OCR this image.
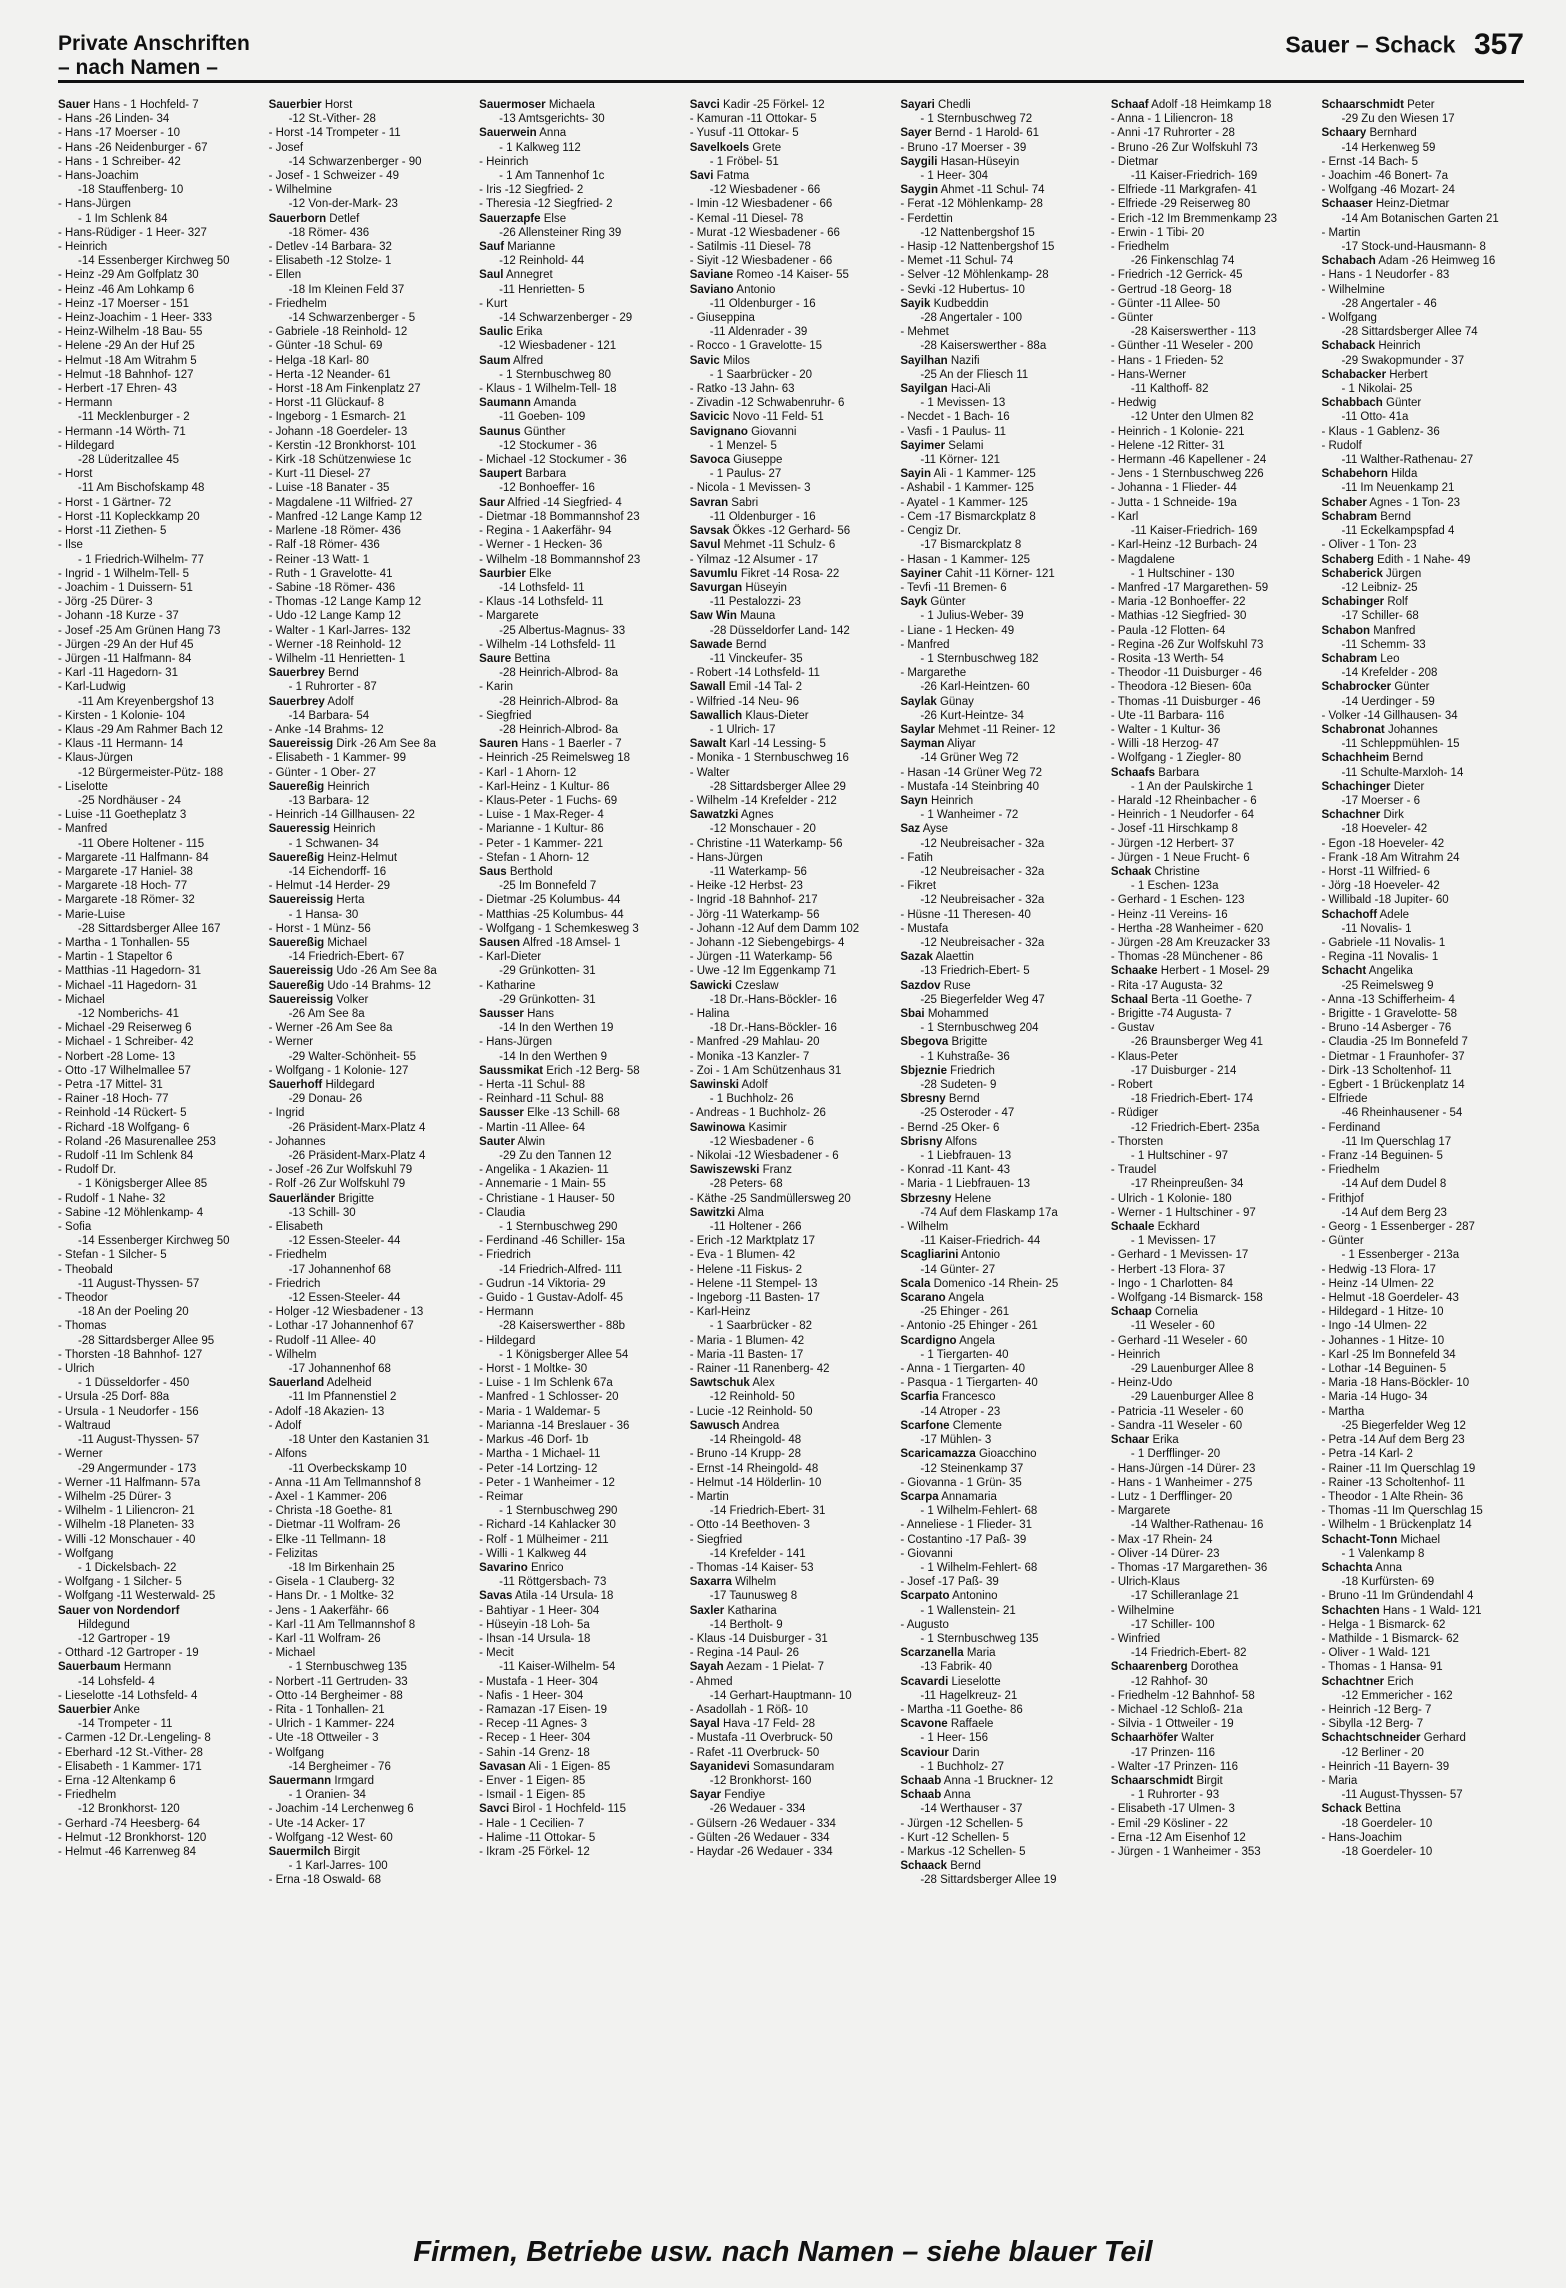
Private Anschriften
– nach Namen –
Sauer – Schack 357
Sauer Hans - 1 Hochfeld- 7
- Hans -26 Linden- 34
- Hans -17 Moerser - 10
- Hans -26 Neidenburger - 67
- Hans - 1 Schreiber- 42
- Hans-Joachim
-18 Stauffenberg- 10
- Hans-Jürgen
- 1 Im Schlenk 84
- Hans-Rüdiger - 1 Heer- 327
- Heinrich
-14 Essenberger Kirchweg 50
- Heinz -29 Am Golfplatz 30
- Heinz -46 Am Lohkamp 6
- Heinz -17 Moerser - 151
- Heinz-Joachim - 1 Heer- 333
- Heinz-Wilhelm -18 Bau- 55
- Helene -29 An der Huf 25
- Helmut -18 Am Witrahm 5
- Helmut -18 Bahnhof- 127
- Herbert -17 Ehren- 43
- Hermann
-11 Mecklenburger - 2
- Hermann -14 Wörth- 71
- Hildegard
-28 Lüderitzallee 45
- Horst
-11 Am Bischofskamp 48
- Horst - 1 Gärtner- 72
- Horst -11 Kopleckkamp 20
- Horst -11 Ziethen- 5
- Ilse
- 1 Friedrich-Wilhelm- 77
- Ingrid - 1 Wilhelm-Tell- 5
- Joachim - 1 Duissern- 51
- Jörg -25 Dürer- 3
- Johann -18 Kurze - 37
- Josef -25 Am Grünen Hang 73
- Jürgen -29 An der Huf 45
- Jürgen -11 Halfmann- 84
- Karl -11 Hagedorn- 31
- Karl-Ludwig
-11 Am Kreyenbergshof 13
- Kirsten - 1 Kolonie- 104
- Klaus -29 Am Rahmer Bach 12
- Klaus -11 Hermann- 14
- Klaus-Jürgen
-12 Bürgermeister-Pütz- 188
- Liselotte
-25 Nordhäuser - 24
- Luise -11 Goetheplatz 3
- Manfred
-11 Obere Holtener - 115
- Margarete -11 Halfmann- 84
- Margarete -17 Haniel- 38
- Margarete -18 Hoch- 77
- Margarete -18 Römer- 32
- Marie-Luise
-28 Sittardsberger Allee 167
- Martha - 1 Tonhallen- 55
- Martin - 1 Stapeltor 6
- Matthias -11 Hagedorn- 31
- Michael -11 Hagedorn- 31
- Michael
-12 Nomberichs- 41
- Michael -29 Reiserweg 6
- Michael - 1 Schreiber- 42
- Norbert -28 Lome- 13
- Otto -17 Wilhelmallee 57
- Petra -17 Mittel- 31
- Rainer -18 Hoch- 77
- Reinhold -14 Rückert- 5
- Richard -18 Wolfgang- 6
- Roland -26 Masurenallee 253
- Rudolf -11 Im Schlenk 84
- Rudolf Dr.
- 1 Königsberger Allee 85
- Rudolf - 1 Nahe- 32
- Sabine -12 Möhlenkamp- 4
- Sofia
-14 Essenberger Kirchweg 50
- Stefan - 1 Silcher- 5
- Theobald
-11 August-Thyssen- 57
- Theodor
-18 An der Poeling 20
- Thomas
-28 Sittardsberger Allee 95
- Thorsten -18 Bahnhof- 127
- Ulrich
- 1 Düsseldorfer - 450
- Ursula -25 Dorf- 88a
- Ursula - 1 Neudorfer - 156
- Waltraud
-11 August-Thyssen- 57
- Werner
-29 Angermunder - 173
- Werner -11 Halfmann- 57a
- Wilhelm -25 Dürer- 3
- Wilhelm - 1 Liliencron- 21
- Wilhelm -18 Planeten- 33
- Willi -12 Monschauer - 40
- Wolfgang
- 1 Dickelsbach- 22
- Wolfgang - 1 Silcher- 5
- Wolfgang -11 Westerwald- 25
Sauer von Nordendorf
Hildegund
-12 Gartroper - 19
- Otthard -12 Gartroper - 19
Sauerbaum Hermann
-14 Lohsfeld- 4
- Lieselotte -14 Lothsfeld- 4
Sauerbier Anke
-14 Trompeter - 11
- Carmen -12 Dr.-Lengeling- 8
- Eberhard -12 St.-Vither- 28
- Elisabeth - 1 Kammer- 171
- Erna -12 Altenkamp 6
- Friedhelm
-12 Bronkhorst- 120
- Gerhard -74 Heesberg- 64
- Helmut -12 Bronkhorst- 120
- Helmut -46 Karrenweg 84
Sauerbier Horst
-12 St.-Vither- 28
- Horst -14 Trompeter - 11
- Josef
-14 Schwarzenberger - 90
- Josef - 1 Schweizer - 49
- Wilhelmine
-12 Von-der-Mark- 23
Sauerborn Detlef
-18 Römer- 436
- Detlev -14 Barbara- 32
- Elisabeth -12 Stolze- 1
- Ellen
-18 Im Kleinen Feld 37
- Friedhelm
-14 Schwarzenberger - 5
- Gabriele -18 Reinhold- 12
- Günter -18 Schul- 69
- Helga -18 Karl- 80
- Herta -12 Neander- 61
- Horst -18 Am Finkenplatz 27
- Horst -11 Glückauf- 8
- Ingeborg - 1 Esmarch- 21
- Johann -18 Goerdeler- 13
- Kerstin -12 Bronkhorst- 101
- Kirk -18 Schützenwiese 1c
- Kurt -11 Diesel- 27
- Luise -18 Banater - 35
- Magdalene -11 Wilfried- 27
- Manfred -12 Lange Kamp 12
- Marlene -18 Römer- 436
- Ralf -18 Römer- 436
- Reiner -13 Watt- 1
- Ruth - 1 Gravelotte- 41
- Sabine -18 Römer- 436
- Thomas -12 Lange Kamp 12
- Udo -12 Lange Kamp 12
- Walter - 1 Karl-Jarres- 132
- Werner -18 Reinhold- 12
- Wilhelm -11 Henrietten- 1
Sauerbrey Bernd
- 1 Ruhrorter - 87
Sauerbrey Adolf
-14 Barbara- 54
- Anke -14 Brahms- 12
Sauereissig Dirk -26 Am See 8a
- Elisabeth - 1 Kammer- 99
- Günter - 1 Ober- 27
Sauereßig Heinrich
-13 Barbara- 12
- Heinrich -14 Gillhausen- 22
Saueressig Heinrich
- 1 Schwanen- 34
Sauereßig Heinz-Helmut
-14 Eichendorff- 16
- Helmut -14 Herder- 29
Sauereissig Herta
- 1 Hansa- 30
- Horst - 1 Münz- 56
Sauereßig Michael
-14 Friedrich-Ebert- 67
Sauereissig Udo -26 Am See 8a
Sauereßig Udo -14 Brahms- 12
Sauereissig Volker
-26 Am See 8a
- Werner -26 Am See 8a
- Werner
-29 Walter-Schönheit- 55
- Wolfgang - 1 Kolonie- 127
Sauerhoff Hildegard
-29 Donau- 26
- Ingrid
-26 Präsident-Marx-Platz 4
- Johannes
-26 Präsident-Marx-Platz 4
- Josef -26 Zur Wolfskuhl 79
- Rolf -26 Zur Wolfskuhl 79
Sauerländer Brigitte
-13 Schill- 30
- Elisabeth
-12 Essen-Steeler- 44
- Friedhelm
-17 Johannenhof 68
- Friedrich
-12 Essen-Steeler- 44
- Holger -12 Wiesbadener - 13
- Lothar -17 Johannenhof 67
- Rudolf -11 Allee- 40
- Wilhelm
-17 Johannenhof 68
Sauerland Adelheid
-11 Im Pfannenstiel 2
- Adolf -18 Akazien- 13
- Adolf
-18 Unter den Kastanien 31
- Alfons
-11 Overbeckskamp 10
- Anna -11 Am Tellmannshof 8
- Axel - 1 Kammer- 206
- Christa -18 Goethe- 81
- Dietmar -11 Wolfram- 26
- Elke -11 Tellmann- 18
- Felizitas
-18 Im Birkenhain 25
- Gisela - 1 Clauberg- 32
- Hans Dr. - 1 Moltke- 32
- Jens - 1 Aakerfähr- 66
- Karl -11 Am Tellmannshof 8
- Karl -11 Wolfram- 26
- Michael
- 1 Sternbuschweg 135
- Norbert -11 Gertruden- 33
- Otto -14 Bergheimer - 88
- Rita - 1 Tonhallen- 21
- Ulrich - 1 Kammer- 224
- Ute -18 Ottweiler - 3
- Wolfgang
-14 Bergheimer - 76
Sauermann Irmgard
- 1 Oranien- 34
- Joachim -14 Lerchenweg 6
- Ute -14 Acker- 17
- Wolfgang -12 West- 60
Sauermilch Birgit
- 1 Karl-Jarres- 100
- Erna -18 Oswald- 68
Sauermoser Michaela
-13 Amtsgerichts- 30
Sauerwein Anna
- 1 Kalkweg 112
- Heinrich
- 1 Am Tannenhof 1c
- Iris -12 Siegfried- 2
- Theresia -12 Siegfried- 2
Sauerzapfe Else
-26 Allensteiner Ring 39
Sauf Marianne
-12 Reinhold- 44
Saul Annegret
-11 Henrietten- 5
- Kurt
-14 Schwarzenberger - 29
Saulic Erika
-12 Wiesbadener - 121
Saum Alfred
- 1 Sternbuschweg 80
- Klaus - 1 Wilhelm-Tell- 18
Saumann Amanda
-11 Goeben- 109
Saunus Günther
-12 Stockumer - 36
- Michael -12 Stockumer - 36
Saupert Barbara
-12 Bonhoeffer- 16
Saur Alfried -14 Siegfried- 4
- Dietmar -18 Bommannshof 23
- Regina - 1 Aakerfähr- 94
- Werner - 1 Hecken- 36
- Wilhelm -18 Bommannshof 23
Saurbier Elke
-14 Lothsfeld- 11
- Klaus -14 Lothsfeld- 11
- Margarete
-25 Albertus-Magnus- 33
- Wilhelm -14 Lothsfeld- 11
Saure Bettina
-28 Heinrich-Albrod- 8a
- Karin
-28 Heinrich-Albrod- 8a
- Siegfried
-28 Heinrich-Albrod- 8a
Sauren Hans - 1 Baerler - 7
- Heinrich -25 Reimelsweg 18
- Karl - 1 Ahorn- 12
- Karl-Heinz - 1 Kultur- 86
- Klaus-Peter - 1 Fuchs- 69
- Luise - 1 Max-Reger- 4
- Marianne - 1 Kultur- 86
- Peter - 1 Kammer- 221
- Stefan - 1 Ahorn- 12
Saus Berthold
-25 Im Bonnefeld 7
- Dietmar -25 Kolumbus- 44
- Matthias -25 Kolumbus- 44
- Wolfgang - 1 Schemkesweg 3
Sausen Alfred -18 Amsel- 1
- Karl-Dieter
-29 Grünkotten- 31
- Katharine
-29 Grünkotten- 31
Sausser Hans
-14 In den Werthen 19
- Hans-Jürgen
-14 In den Werthen 9
Saussmikat Erich -12 Berg- 58
- Herta -11 Schul- 88
- Reinhard -11 Schul- 88
Sausser Elke -13 Schill- 68
- Martin -11 Allee- 64
Sauter Alwin
-29 Zu den Tannen 12
- Angelika - 1 Akazien- 11
- Annemarie - 1 Main- 55
- Christiane - 1 Hauser- 50
- Claudia
- 1 Sternbuschweg 290
- Ferdinand -46 Schiller- 15a
- Friedrich
-14 Friedrich-Alfred- 111
- Gudrun -14 Viktoria- 29
- Guido - 1 Gustav-Adolf- 45
- Hermann
-28 Kaiserswerther - 88b
- Hildegard
- 1 Königsberger Allee 54
- Horst - 1 Moltke- 30
- Luise - 1 Im Schlenk 67a
- Manfred - 1 Schlosser- 20
- Maria - 1 Waldemar- 5
- Marianna -14 Breslauer - 36
- Markus -46 Dorf- 1b
- Martha - 1 Michael- 11
- Peter -14 Lortzing- 12
- Peter - 1 Wanheimer - 12
- Reimar
- 1 Sternbuschweg 290
- Richard -14 Kahlacker 30
- Rolf - 1 Mülheimer - 211
- Willi - 1 Kalkweg 44
Savarino Enrico
-11 Röttgersbach- 73
Savas Atila -14 Ursula- 18
- Bahtiyar - 1 Heer- 304
- Hüseyin -18 Loh- 5a
- Ihsan -14 Ursula- 18
- Mecit
-11 Kaiser-Wilhelm- 54
- Mustafa - 1 Heer- 304
- Nafis - 1 Heer- 304
- Ramazan -17 Eisen- 19
- Recep -11 Agnes- 3
- Recep - 1 Heer- 304
- Sahin -14 Grenz- 18
Savasan Ali - 1 Eigen- 85
- Enver - 1 Eigen- 85
- Ismail - 1 Eigen- 85
Savci Birol - 1 Hochfeld- 115
- Hale - 1 Cecilien- 7
- Halime -11 Ottokar- 5
- Ikram -25 Förkel- 12
Savci Kadir -25 Förkel- 12
- Kamuran -11 Ottokar- 5
- Yusuf -11 Ottokar- 5
Savelkoels Grete
- 1 Fröbel- 51
Savi Fatma
-12 Wiesbadener - 66
- Imin -12 Wiesbadener - 66
- Kemal -11 Diesel- 78
- Murat -12 Wiesbadener - 66
- Satilmis -11 Diesel- 78
- Siyit -12 Wiesbadener - 66
Saviane Romeo -14 Kaiser- 55
Saviano Antonio
-11 Oldenburger - 16
- Giuseppina
-11 Aldenrader - 39
- Rocco - 1 Gravelotte- 15
Savic Milos
- 1 Saarbrücker - 20
- Ratko -13 Jahn- 63
- Zivadin -12 Schwabenruhr- 6
Savicic Novo -11 Feld- 51
Savignano Giovanni
- 1 Menzel- 5
Savoca Giuseppe
- 1 Paulus- 27
- Nicola - 1 Mevissen- 3
Savran Sabri
-11 Oldenburger - 16
Savsak Ökkes -12 Gerhard- 56
Savul Mehmet -11 Schulz- 6
- Yilmaz -12 Alsumer - 17
Savumlu Fikret -14 Rosa- 22
Savurgan Hüseyin
-11 Pestalozzi- 23
Saw Win Mauna
-28 Düsseldorfer Land- 142
Sawade Bernd
-11 Vinckeufer- 35
- Robert -14 Lothsfeld- 11
Sawall Emil -14 Tal- 2
- Wilfried -14 Neu- 96
Sawallich Klaus-Dieter
- 1 Ulrich- 17
Sawalt Karl -14 Lessing- 5
- Monika - 1 Sternbuschweg 16
- Walter
-28 Sittardsberger Allee 29
- Wilhelm -14 Krefelder - 212
Sawatzki Agnes
-12 Monschauer - 20
- Christine -11 Waterkamp- 56
- Hans-Jürgen
-11 Waterkamp- 56
- Heike -12 Herbst- 23
- Ingrid -18 Bahnhof- 217
- Jörg -11 Waterkamp- 56
- Johann -12 Auf dem Damm 102
- Johann -12 Siebengebirgs- 4
- Jürgen -11 Waterkamp- 56
- Uwe -12 Im Eggenkamp 71
Sawicki Czeslaw
-18 Dr.-Hans-Böckler- 16
- Halina
-18 Dr.-Hans-Böckler- 16
- Manfred -29 Mahlau- 20
- Monika -13 Kanzler- 7
- Zoi - 1 Am Schützenhaus 31
Sawinski Adolf
- 1 Buchholz- 26
- Andreas - 1 Buchholz- 26
Sawinowa Kasimir
-12 Wiesbadener - 6
- Nikolai -12 Wiesbadener - 6
Sawiszewski Franz
-28 Peters- 68
- Käthe -25 Sandmüllersweg 20
Sawitzki Alma
-11 Holtener - 266
- Erich -12 Marktplatz 17
- Eva - 1 Blumen- 42
- Helene -11 Fiskus- 2
- Helene -11 Stempel- 13
- Ingeborg -11 Basten- 17
- Karl-Heinz
- 1 Saarbrücker - 82
- Maria - 1 Blumen- 42
- Maria -11 Basten- 17
- Rainer -11 Ranenberg- 42
Sawtschuk Alex
-12 Reinhold- 50
- Lucie -12 Reinhold- 50
Sawusch Andrea
-14 Rheingold- 48
- Bruno -14 Krupp- 28
- Ernst -14 Rheingold- 48
- Helmut -14 Hölderlin- 10
- Martin
-14 Friedrich-Ebert- 31
- Otto -14 Beethoven- 3
- Siegfried
-14 Krefelder - 141
- Thomas -14 Kaiser- 53
Saxarra Wilhelm
-17 Taunusweg 8
Saxler Katharina
-14 Bertholt- 9
- Klaus -14 Duisburger - 31
- Regina -14 Paul- 26
Sayah Aezam - 1 Pielat- 7
- Ahmed
-14 Gerhart-Hauptmann- 10
- Asadollah - 1 Röß- 10
Sayal Hava -17 Feld- 28
- Mustafa -11 Overbruck- 50
- Rafet -11 Overbruck- 50
Sayanidevi Somasundaram
-12 Bronkhorst- 160
Sayar Fendiye
-26 Wedauer - 334
- Gülsern -26 Wedauer - 334
- Gülten -26 Wedauer - 334
- Haydar -26 Wedauer - 334
Sayari Chedli
- 1 Sternbuschweg 72
Sayer Bernd - 1 Harold- 61
- Bruno -17 Moerser - 39
Saygili Hasan-Hüseyin
- 1 Heer- 304
Saygin Ahmet -11 Schul- 74
- Ferat -12 Möhlenkamp- 28
- Ferdettin
-12 Nattenbergshof 15
- Hasip -12 Nattenbergshof 15
- Memet -11 Schul- 74
- Selver -12 Möhlenkamp- 28
- Sevki -12 Hubertus- 10
Sayik Kudbeddin
-28 Angertaler - 100
- Mehmet
-28 Kaiserswerther - 88a
Sayilhan Nazifi
-25 An der Fliesch 11
Sayilgan Haci-Ali
- 1 Mevissen- 13
- Necdet - 1 Bach- 16
- Vasfi - 1 Paulus- 11
Sayimer Selami
-11 Körner- 121
Sayin Ali - 1 Kammer- 125
- Ashabil - 1 Kammer- 125
- Ayatel - 1 Kammer- 125
- Cem -17 Bismarckplatz 8
- Cengiz Dr.
-17 Bismarckplatz 8
- Hasan - 1 Kammer- 125
Sayiner Cahit -11 Körner- 121
- Tevfi -11 Bremen- 6
Sayk Günter
- 1 Julius-Weber- 39
- Liane - 1 Hecken- 49
- Manfred
- 1 Sternbuschweg 182
- Margarethe
-26 Karl-Heintzen- 60
Saylak Günay
-26 Kurt-Heintze- 34
Saylar Mehmet -11 Reiner- 12
Sayman Aliyar
-14 Grüner Weg 72
- Hasan -14 Grüner Weg 72
- Mustafa -14 Steinbring 40
Sayn Heinrich
- 1 Wanheimer - 72
Saz Ayse
-12 Neubreisacher - 32a
- Fatih
-12 Neubreisacher - 32a
- Fikret
-12 Neubreisacher - 32a
- Hüsne -11 Theresen- 40
- Mustafa
-12 Neubreisacher - 32a
Sazak Alaettin
-13 Friedrich-Ebert- 5
Sazdov Ruse
-25 Biegerfelder Weg 47
Sbai Mohammed
- 1 Sternbuschweg 204
Sbegova Brigitte
- 1 Kuhstraße- 36
Sbjeznie Friedrich
-28 Sudeten- 9
Sbresny Bernd
-25 Osteroder - 47
- Bernd -25 Oker- 6
Sbrisny Alfons
- 1 Liebfrauen- 13
- Konrad -11 Kant- 43
- Maria - 1 Liebfrauen- 13
Sbrzesny Helene
-74 Auf dem Flaskamp 17a
- Wilhelm
-11 Kaiser-Friedrich- 44
Scagliarini Antonio
-14 Günter- 27
Scala Domenico -14 Rhein- 25
Scarano Angela
-25 Ehinger - 261
- Antonio -25 Ehinger - 261
Scardigno Angela
- 1 Tiergarten- 40
- Anna - 1 Tiergarten- 40
- Pasqua - 1 Tiergarten- 40
Scarfia Francesco
-14 Atroper - 23
Scarfone Clemente
-17 Mühlen- 3
Scaricamazza Gioacchino
-12 Steinenkamp 37
- Giovanna - 1 Grün- 35
Scarpa Annamaria
- 1 Wilhelm-Fehlert- 68
- Anneliese - 1 Flieder- 31
- Costantino -17 Paß- 39
- Giovanni
- 1 Wilhelm-Fehlert- 68
- Josef -17 Paß- 39
Scarpato Antonino
- 1 Wallenstein- 21
- Augusto
- 1 Sternbuschweg 135
Scarzanella Maria
-13 Fabrik- 40
Scavardi Lieselotte
-11 Hagelkreuz- 21
- Martha -11 Goethe- 86
Scavone Raffaele
- 1 Heer- 156
Scaviour Darin
- 1 Buchholz- 27
Schaab Anna -1 Bruckner- 12
Schaab Anna
-14 Werthauser - 37
- Jürgen -12 Schellen- 5
- Kurt -12 Schellen- 5
- Markus -12 Schellen- 5
Schaack Bernd
-28 Sittardsberger Allee 19
Schaaf Adolf -18 Heimkamp 18
- Anna - 1 Liliencron- 18
- Anni -17 Ruhrorter - 28
- Bruno -26 Zur Wolfskuhl 73
- Dietmar
-11 Kaiser-Friedrich- 169
- Elfriede -11 Markgrafen- 41
- Elfriede -29 Reiserweg 80
- Erich -12 Im Bremmenkamp 23
- Erwin - 1 Tibi- 20
- Friedhelm
-26 Finkenschlag 74
- Friedrich -12 Gerrick- 45
- Gertrud -18 Georg- 18
- Günter -11 Allee- 50
- Günter
-28 Kaiserswerther - 113
- Günther -11 Weseler - 200
- Hans - 1 Frieden- 52
- Hans-Werner
-11 Kalthoff- 82
- Hedwig
-12 Unter den Ulmen 82
- Heinrich - 1 Kolonie- 221
- Helene -12 Ritter- 31
- Hermann -46 Kapellener - 24
- Jens - 1 Sternbuschweg 226
- Johanna - 1 Flieder- 44
- Jutta - 1 Schneide- 19a
- Karl
-11 Kaiser-Friedrich- 169
- Karl-Heinz -12 Burbach- 24
- Magdalene
- 1 Hultschiner - 130
- Manfred -17 Margarethen- 59
- Maria -12 Bonhoeffer- 22
- Mathias -12 Siegfried- 30
- Paula -12 Flotten- 64
- Regina -26 Zur Wolfskuhl 73
- Rosita -13 Werth- 54
- Theodor -11 Duisburger - 46
- Theodora -12 Biesen- 60a
- Thomas -11 Duisburger - 46
- Ute -11 Barbara- 116
- Walter - 1 Kultur- 36
- Willi -18 Herzog- 47
- Wolfgang - 1 Ziegler- 80
Schaafs Barbara
- 1 An der Paulskirche 1
- Harald -12 Rheinbacher - 6
- Heinrich - 1 Neudorfer - 64
- Josef -11 Hirschkamp 8
- Jürgen -12 Herbert- 37
- Jürgen - 1 Neue Frucht- 6
Schaak Christine
- 1 Eschen- 123a
- Gerhard - 1 Eschen- 123
- Heinz -11 Vereins- 16
- Hertha -28 Wanheimer - 620
- Jürgen -28 Am Kreuzacker 33
- Thomas -28 Münchener - 86
Schaake Herbert - 1 Mosel- 29
- Rita -17 Augusta- 32
Schaal Berta -11 Goethe- 7
- Brigitte -74 Augusta- 7
- Gustav
-26 Braunsberger Weg 41
- Klaus-Peter
-17 Duisburger - 214
- Robert
-18 Friedrich-Ebert- 174
- Rüdiger
-12 Friedrich-Ebert- 235a
- Thorsten
- 1 Hultschiner - 97
- Traudel
-17 Rheinpreußen- 34
- Ulrich - 1 Kolonie- 180
- Werner - 1 Hultschiner - 97
Schaale Eckhard
- 1 Mevissen- 17
- Gerhard - 1 Mevissen- 17
- Herbert -13 Flora- 37
- Ingo - 1 Charlotten- 84
- Wolfgang -14 Bismarck- 158
Schaap Cornelia
-11 Weseler - 60
- Gerhard -11 Weseler - 60
- Heinrich
-29 Lauenburger Allee 8
- Heinz-Udo
-29 Lauenburger Allee 8
- Patricia -11 Weseler - 60
- Sandra -11 Weseler - 60
Schaar Erika
- 1 Derfflinger- 20
- Hans-Jürgen -14 Dürer- 23
- Hans - 1 Wanheimer - 275
- Lutz - 1 Derfflinger- 20
- Margarete
-14 Walther-Rathenau- 16
- Max -17 Rhein- 24
- Oliver -14 Dürer- 23
- Thomas -17 Margarethen- 36
- Ulrich-Klaus
-17 Schilleranlage 21
- Wilhelmine
-17 Schiller- 100
- Winfried
-14 Friedrich-Ebert- 82
Schaarenberg Dorothea
-12 Rahhof- 30
- Friedhelm -12 Bahnhof- 58
- Michael -12 Schloß- 21a
- Silvia - 1 Ottweiler - 19
Schaarhöfer Walter
-17 Prinzen- 116
- Walter -17 Prinzen- 116
Schaarschmidt Birgit
- 1 Ruhrorter - 93
- Elisabeth -17 Ulmen- 3
- Emil -29 Kösliner - 22
- Erna -12 Am Eisenhof 12
- Jürgen - 1 Wanheimer - 353
Schaarschmidt Peter
-29 Zu den Wiesen 17
Schaary Bernhard
-14 Herkenweg 59
- Ernst -14 Bach- 5
- Joachim -46 Bonert- 7a
- Wolfgang -46 Mozart- 24
Schaaser Heinz-Dietmar
-14 Am Botanischen Garten 21
- Martin
-17 Stock-und-Hausmann- 8
Schabach Adam -26 Heimweg 16
- Hans - 1 Neudorfer - 83
- Wilhelmine
-28 Angertaler - 46
- Wolfgang
-28 Sittardsberger Allee 74
Schaback Heinrich
-29 Swakopmunder - 37
Schabacker Herbert
- 1 Nikolai- 25
Schabbach Günter
-11 Otto- 41a
- Klaus - 1 Gablenz- 36
- Rudolf
-11 Walther-Rathenau- 27
Schabehorn Hilda
-11 Im Neuenkamp 21
Schaber Agnes - 1 Ton- 23
Schabram Bernd
-11 Eckelkampspfad 4
- Oliver - 1 Ton- 23
Schaberg Edith - 1 Nahe- 49
Schaberick Jürgen
-12 Leibniz- 25
Schabinger Rolf
-17 Schiller- 68
Schabon Manfred
-11 Schemm- 33
Schabram Leo
-14 Krefelder - 208
Schabrocker Günter
-14 Uerdinger - 59
- Volker -14 Gillhausen- 34
Schabronat Johannes
-11 Schleppmühlen- 15
Schachheim Bernd
-11 Schulte-Marxloh- 14
Schachinger Dieter
-17 Moerser - 6
Schachner Dirk
-18 Hoeveler- 42
- Egon -18 Hoeveler- 42
- Frank -18 Am Witrahm 24
- Horst -11 Wilfried- 6
- Jörg -18 Hoeveler- 42
- Willibald -18 Jupiter- 60
Schachoff Adele
-11 Novalis- 1
- Gabriele -11 Novalis- 1
- Regina -11 Novalis- 1
Schacht Angelika
-25 Reimelsweg 9
- Anna -13 Schifferheim- 4
- Brigitte - 1 Gravelotte- 58
- Bruno -14 Asberger - 76
- Claudia -25 Im Bonnefeld 7
- Dietmar - 1 Fraunhofer- 37
- Dirk -13 Scholtenhof- 11
- Egbert - 1 Brückenplatz 14
- Elfriede
-46 Rheinhausener - 54
- Ferdinand
-11 Im Querschlag 17
- Franz -14 Beguinen- 5
- Friedhelm
-14 Auf dem Dudel 8
- Frithjof
-14 Auf dem Berg 23
- Georg - 1 Essenberger - 287
- Günter
- 1 Essenberger - 213a
- Hedwig -13 Flora- 17
- Heinz -14 Ulmen- 22
- Helmut -18 Goerdeler- 43
- Hildegard - 1 Hitze- 10
- Ingo -14 Ulmen- 22
- Johannes - 1 Hitze- 10
- Karl -25 Im Bonnefeld 34
- Lothar -14 Beguinen- 5
- Maria -18 Hans-Böckler- 10
- Maria -14 Hugo- 34
- Martha
-25 Biegerfelder Weg 12
- Petra -14 Auf dem Berg 23
- Petra -14 Karl- 2
- Rainer -11 Im Querschlag 19
- Rainer -13 Scholtenhof- 11
- Theodor - 1 Alte Rhein- 36
- Thomas -11 Im Querschlag 15
- Wilhelm - 1 Brückenplatz 14
Schacht-Tonn Michael
- 1 Valenkamp 8
Schachta Anna
-18 Kurfürsten- 69
- Bruno -11 Im Gründendahl 4
Schachten Hans - 1 Wald- 121
- Helga - 1 Bismarck- 62
- Mathilde - 1 Bismarck- 62
- Oliver - 1 Wald- 121
- Thomas - 1 Hansa- 91
Schachtner Erich
-12 Emmericher - 162
- Heinrich -12 Berg- 7
- Sibylla -12 Berg- 7
Schachtschneider Gerhard
-12 Berliner - 20
- Heinrich -11 Bayern- 39
- Maria
-11 August-Thyssen- 57
Schack Bettina
-18 Goerdeler- 10
- Hans-Joachim
-18 Goerdeler- 10
Firmen, Betriebe usw. nach Namen – siehe blauer Teil
